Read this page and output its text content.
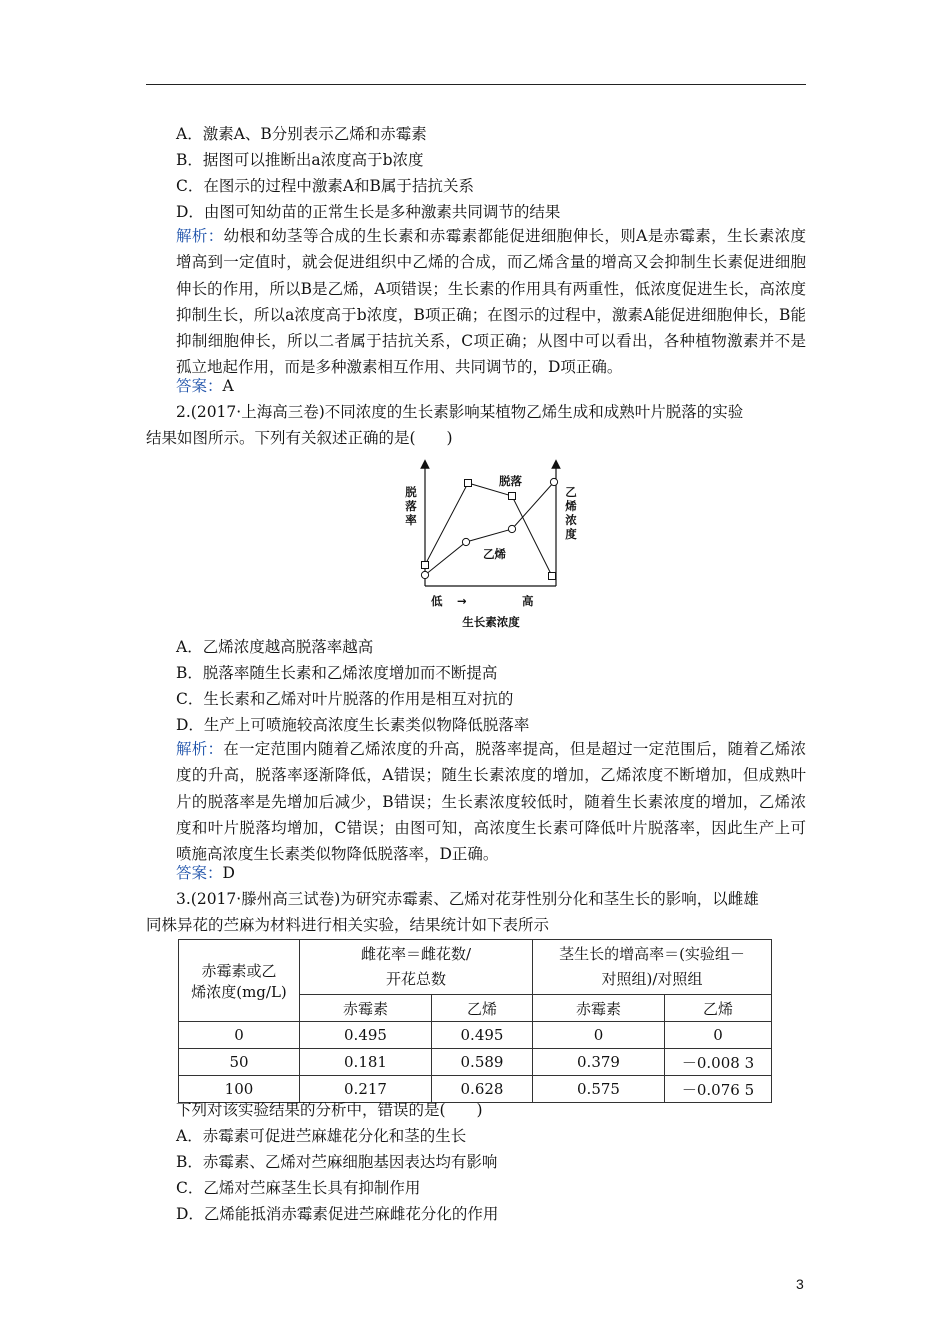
A．激素A、B分别表示乙烯和赤霉素
B．据图可以推断出a浓度高于b浓度
C．在图示的过程中激素A和B属于拮抗关系
D．由图可知幼苗的正常生长是多种激素共同调节的结果
解析：幼根和幼茎等合成的生长素和赤霉素都能促进细胞伸长，则A是赤霉素，生长素浓度增高到一定值时，就会促进组织中乙烯的合成，而乙烯含量的增高又会抑制生长素促进细胞伸长的作用，所以B是乙烯，A项错误；生长素的作用具有两重性，低浓度促进生长，高浓度抑制生长，所以a浓度高于b浓度，B项正确；在图示的过程中，激素A能促进细胞伸长，B能抑制细胞伸长，所以二者属于拮抗关系，C项正确；从图中可以看出，各种植物激素并不是孤立地起作用，而是多种激素相互作用、共同调节的，D项正确。
答案：A
2.(2017·上海高三卷)不同浓度的生长素影响某植物乙烯生成和成熟叶片脱落的实验
结果如图所示。下列有关叙述正确的是(　　)
脱落率
乙烯浓度
脱落
乙烯
低 →	高
生长素浓度
A．乙烯浓度越高脱落率越高
B．脱落率随生长素和乙烯浓度增加而不断提高
C．生长素和乙烯对叶片脱落的作用是相互对抗的
D．生产上可喷施较高浓度生长素类似物降低脱落率
解析：在一定范围内随着乙烯浓度的升高，脱落率提高，但是超过一定范围后，随着乙烯浓度的升高，脱落率逐渐降低，A错误；随生长素浓度的增加，乙烯浓度不断增加，但成熟叶片的脱落率是先增加后减少，B错误；生长素浓度较低时，随着生长素浓度的增加，乙烯浓度和叶片脱落均增加，C错误；由图可知，高浓度生长素可降低叶片脱落率，因此生产上可喷施高浓度生长素类似物降低脱落率，D正确。
答案：D
3.(2017·滕州高三试卷)为研究赤霉素、乙烯对花芽性别分化和茎生长的影响，以雌雄
同株异花的苎麻为材料进行相关实验，结果统计如下表所示
赤霉素或乙
烯浓度(mg/L)	雌花率＝雌花数/
开花总数		茎生长的增高率＝(实验组－
对照组)/对照组	
	赤霉素	乙烯	赤霉素	乙烯
0	0.495	0.495	0	0
50	0.181	0.589	0.379	－0.008 3
100	0.217	0.628	0.575	－0.076 5
下列对该实验结果的分析中，错误的是(　　)
A．赤霉素可促进苎麻雄花分化和茎的生长
B．赤霉素、乙烯对苎麻细胞基因表达均有影响
C．乙烯对苎麻茎生长具有抑制作用
D．乙烯能抵消赤霉素促进苎麻雌花分化的作用
3
